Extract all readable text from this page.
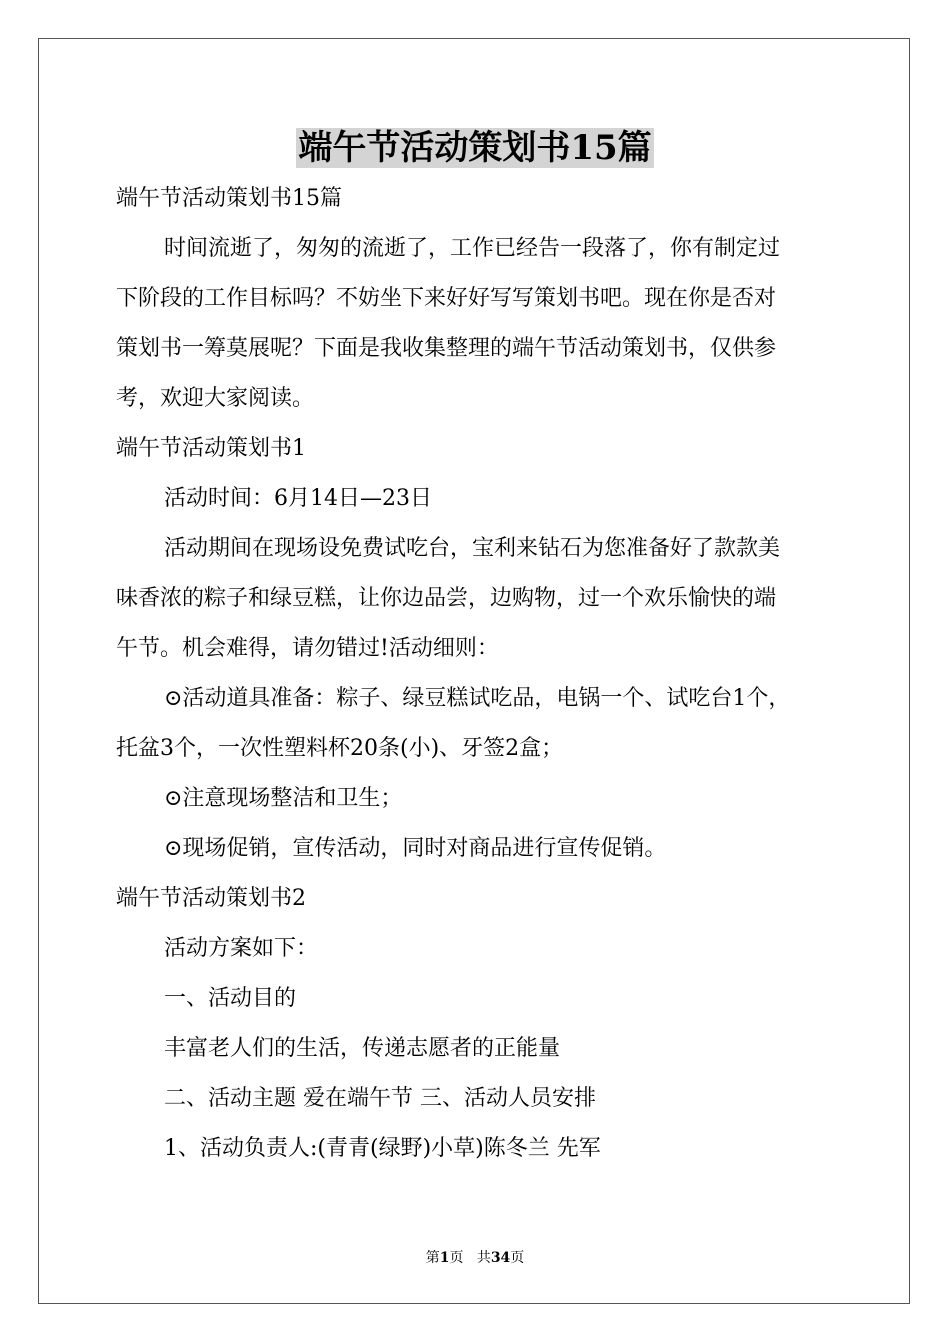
端午节活动策划书15篇
端午节活动策划书15篇
时间流逝了，匆匆的流逝了，工作已经告一段落了，你有制定过
下阶段的工作目标吗？不妨坐下来好好写写策划书吧。现在你是否对
策划书一筹莫展呢？下面是我收集整理的端午节活动策划书，仅供参
考，欢迎大家阅读。
端午节活动策划书1
活动时间：6月14日—23日
活动期间在现场设免费试吃台，宝利来钻石为您准备好了款款美
味香浓的粽子和绿豆糕，让你边品尝，边购物，过一个欢乐愉快的端
午节。机会难得，请勿错过!活动细则：
⊙活动道具准备：粽子、绿豆糕试吃品，电锅一个、试吃台1个，
托盆3个，一次性塑料杯20条(小)、牙签2盒；
⊙注意现场整洁和卫生；
⊙现场促销，宣传活动，同时对商品进行宣传促销。
端午节活动策划书2
活动方案如下：
一、活动目的
丰富老人们的生活，传递志愿者的正能量
二、活动主题 爱在端午节 三、活动人员安排
1、活动负责人:(青青(绿野)小草)陈冬兰 先军
第1页 共34页
